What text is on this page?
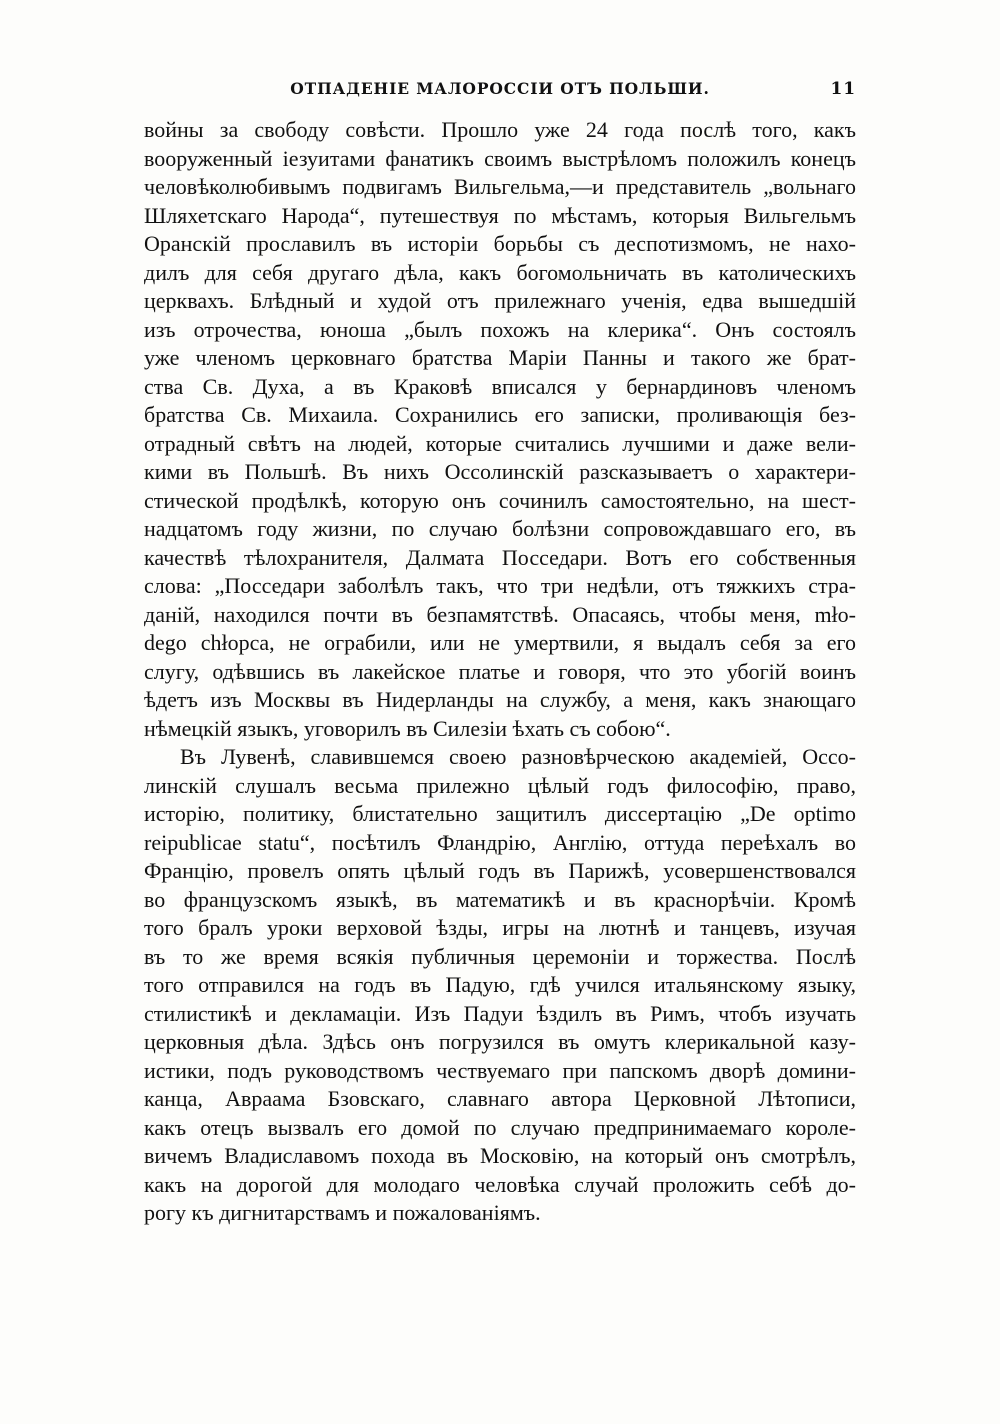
ОТПАДЕНІЕ МАЛОРОССІИ ОТЪ ПОЛЬШИ.	11
войны за свободу совѣсти. Прошло уже 24 года послѣ того, какъ
вооруженный іезуитами фанатикъ своимъ выстрѣломъ положилъ конецъ
человѣколюбивымъ подвигамъ Вильгельма,—и представитель „вольнаго
Шляхетскаго Народа“, путешествуя по мѣстамъ, которыя Вильгельмъ
Оранскій прославилъ въ исторіи борьбы съ деспотизмомъ, не нахо-
дилъ для себя другаго дѣла, какъ богомольничать въ католическихъ
церквахъ. Блѣдный и худой отъ прилежнаго ученія, едва вышедшій
изъ отрочества, юноша „былъ похожъ на клерика“. Онъ состоялъ
уже членомъ церковнаго братства Маріи Панны и такого же брат-
ства Св. Духа, а въ Краковѣ вписался у бернардиновъ членомъ
братства Св. Михаила. Сохранились его записки, проливающія без-
отрадный свѣтъ на людей, которые считались лучшими и даже вели-
кими въ Польшѣ. Въ нихъ Оссолинскій разсказываетъ о характери-
стической продѣлкѣ, которую онъ сочинилъ самостоятельно, на шест-
надцатомъ году жизни, по случаю болѣзни сопровождавшаго его, въ
качествѣ тѣлохранителя, Далмата Посседари. Вотъ его собственныя
слова: „Посседари заболѣлъ такъ, что три недѣли, отъ тяжкихъ стра-
даній, находился почти въ безпамятствѣ. Опасаясь, чтобы меня, mło-
dego chłopca, не ограбили, или не умертвили, я выдалъ себя за его
слугу, одѣвшись въ лакейское платье и говоря, что это убогій воинъ
ѣдетъ изъ Москвы въ Нидерланды на службу, а меня, какъ знающаго
нѣмецкій языкъ, уговорилъ въ Силезіи ѣхать съ собою“.
Въ Лувенѣ, славившемся своею разновѣрческою академіей, Оссо-
линскій слушалъ весьма прилежно цѣлый годъ философію, право,
исторію, политику, блистательно защитилъ диссертацію „De optimo
reipublicae statu“, посѣтилъ Фландрію, Англію, оттуда переѣхалъ во
Францію, провелъ опять цѣлый годъ въ Парижѣ, усовершенствовался
во французскомъ языкѣ, въ математикѣ и въ краснорѣчіи. Кромѣ
того бралъ уроки верховой ѣзды, игры на лютнѣ и танцевъ, изучая
въ то же время всякія публичныя церемоніи и торжества. Послѣ
того отправился на годъ въ Падую, гдѣ учился итальянскому языку,
стилистикѣ и декламаціи. Изъ Падуи ѣздилъ въ Римъ, чтобъ изучать
церковныя дѣла. Здѣсь онъ погрузился въ омутъ клерикальной казу-
истики, подъ руководствомъ чествуемаго при папскомъ дворѣ домини-
канца, Авраама Бзовскаго, славнаго автора Церковной Лѣтописи,
какъ отецъ вызвалъ его домой по случаю предпринимаемаго короле-
вичемъ Владиславомъ похода въ Московію, на который онъ смотрѣлъ,
какъ на дорогой для молодаго человѣка случай проложить себѣ до-
рогу къ дигнитарствамъ и пожалованіямъ.
